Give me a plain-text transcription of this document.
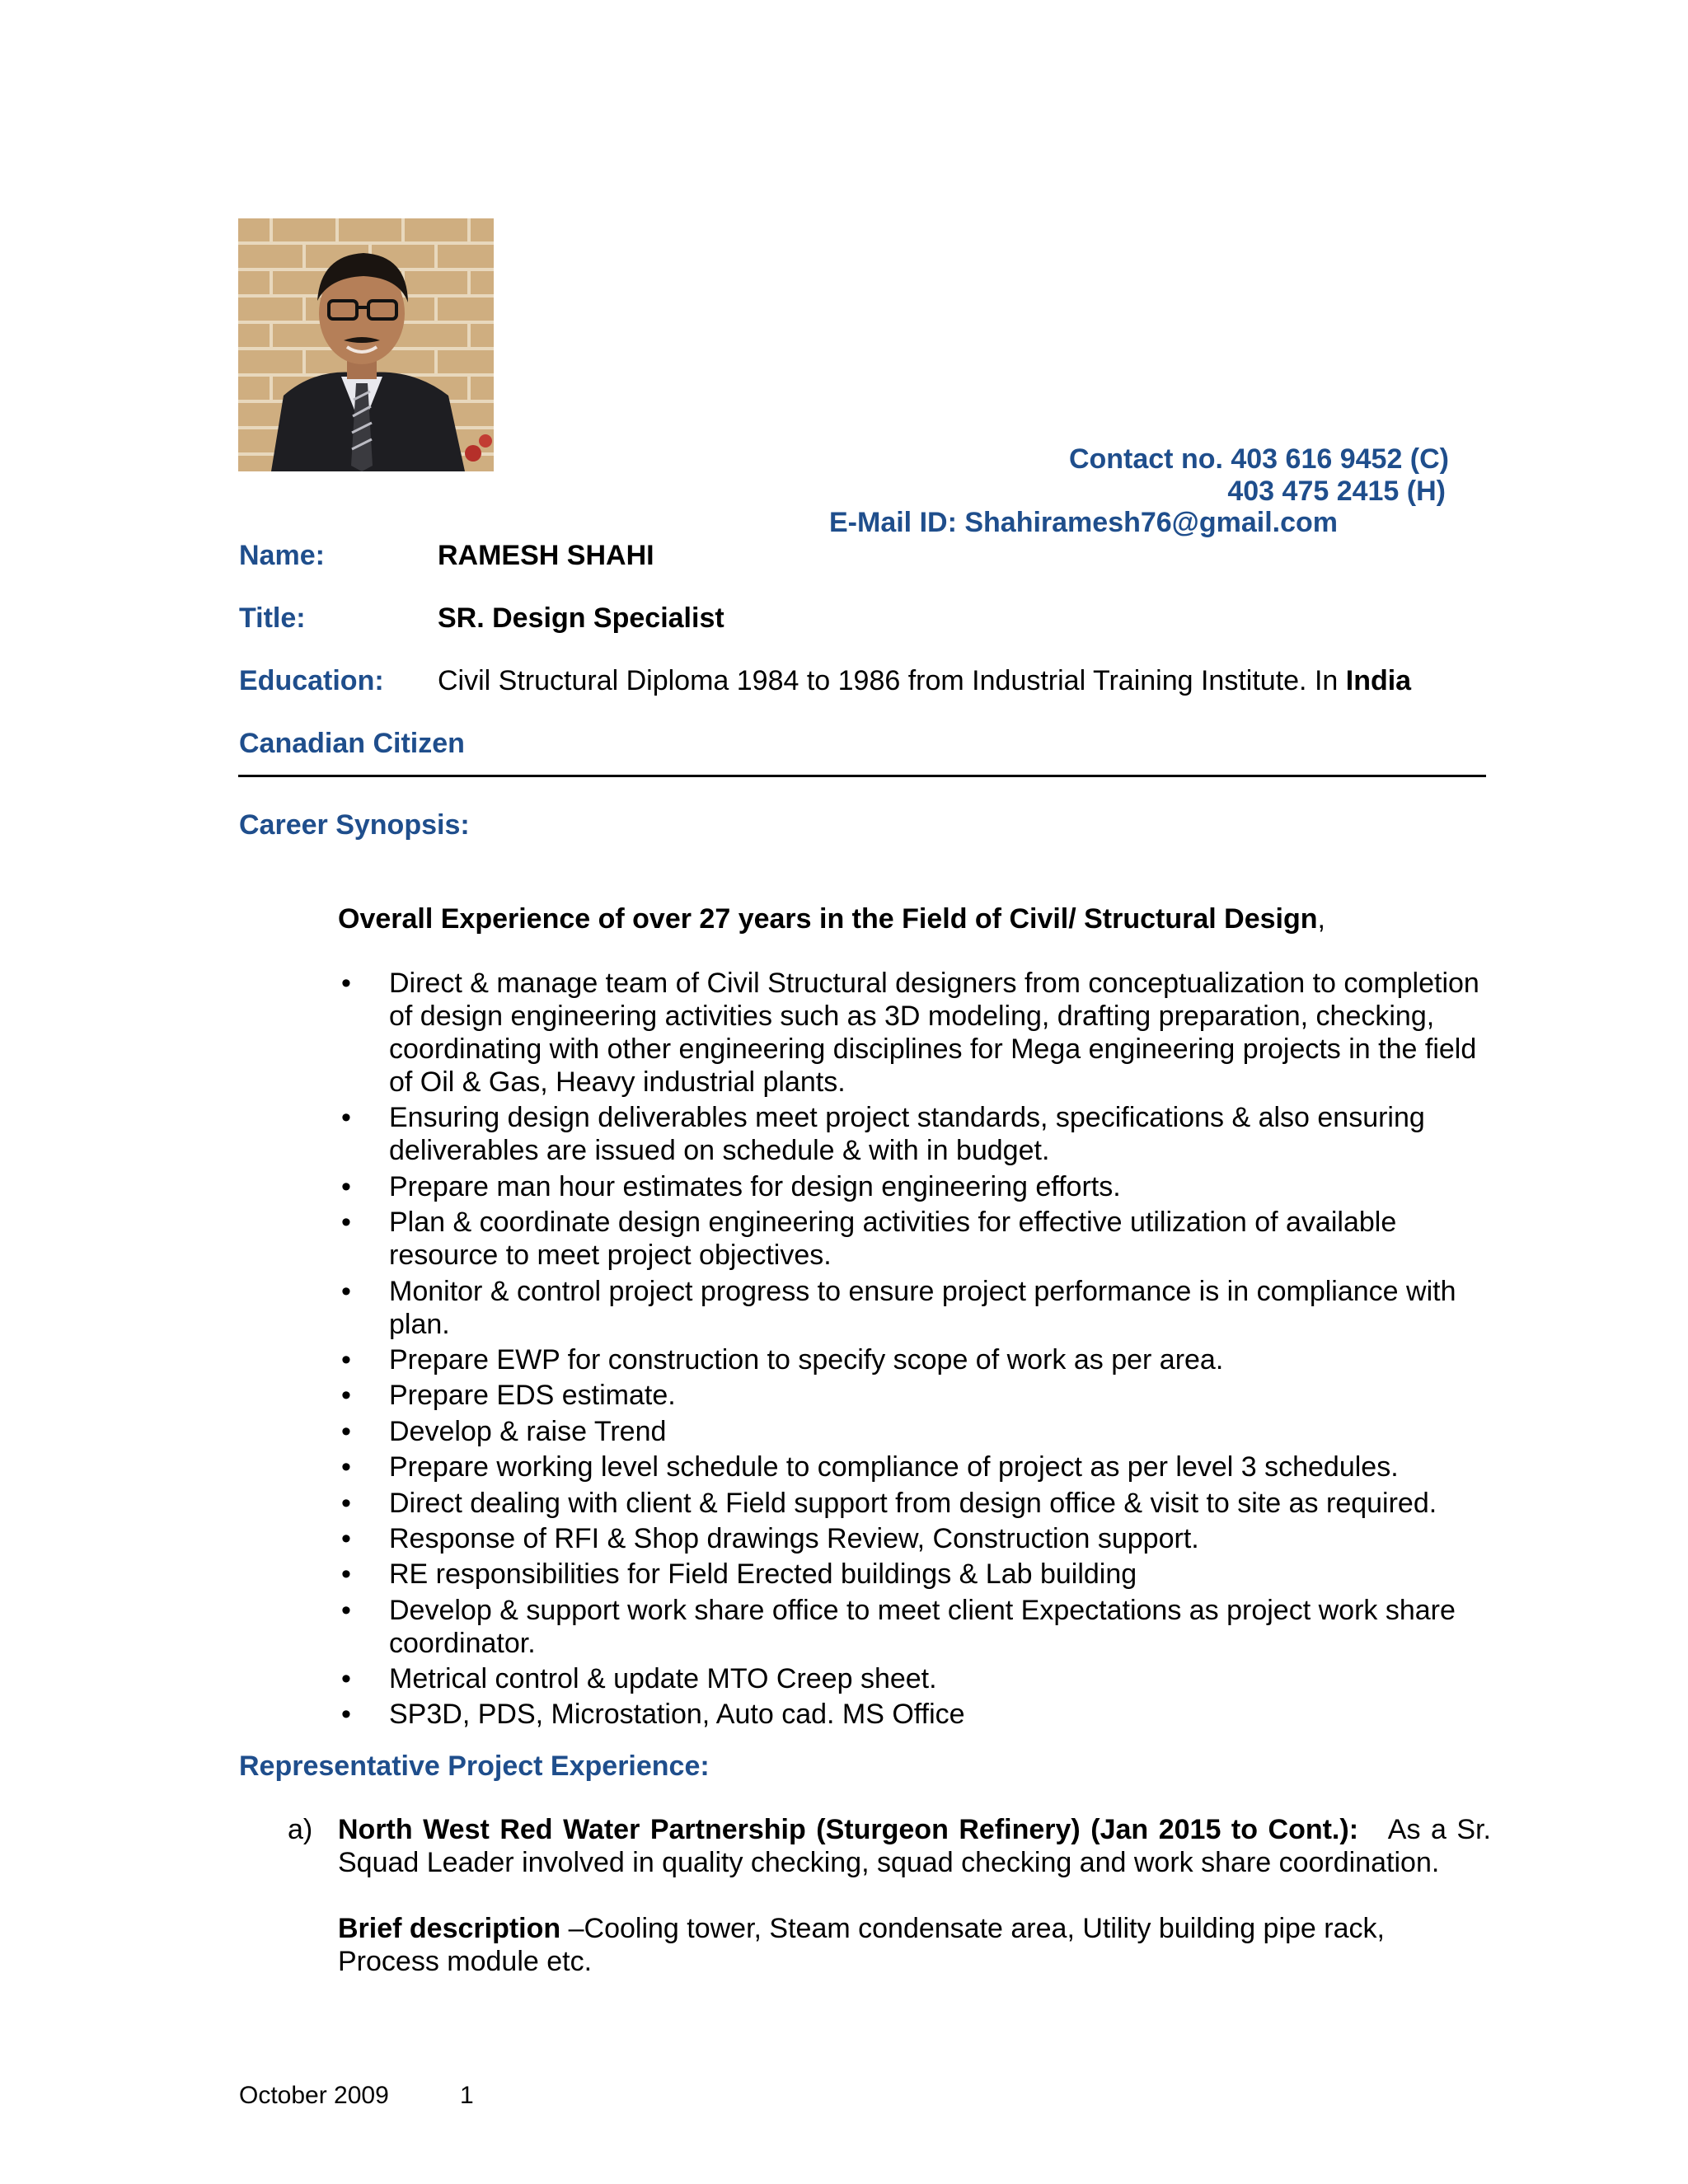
Contact no. 403 616 9452 (C)
403 475 2415 (H)
E-Mail ID: Shahiramesh76@gmail.com
Name:	RAMESH SHAHI
Title:	SR. Design Specialist
Education: Civil Structural Diploma 1984 to 1986 from Industrial Training Institute. In India
Canadian Citizen
Career Synopsis:
Overall Experience of over 27 years in the Field of Civil/ Structural Design,
• Direct & manage team of Civil Structural designers from conceptualization to completion of design engineering activities such as 3D modeling, drafting preparation, checking, coordinating with other engineering disciplines for Mega engineering projects in the field of Oil & Gas, Heavy industrial plants.
• Ensuring design deliverables meet project standards, specifications & also ensuring deliverables are issued on schedule & with in budget.
• Prepare man hour estimates for design engineering efforts.
• Plan & coordinate design engineering activities for effective utilization of available resource to meet project objectives.
• Monitor & control project progress to ensure project performance is in compliance with plan.
• Prepare EWP for construction to specify scope of work as per area.
• Prepare EDS estimate.
• Develop & raise Trend
• Prepare working level schedule to compliance of project as per level 3 schedules.
• Direct dealing with client & Field support from design office & visit to site as required.
• Response of RFI & Shop drawings Review, Construction support.
• RE responsibilities for Field Erected buildings & Lab building
• Develop & support work share office to meet client Expectations as project work share coordinator.
• Metrical control & update MTO Creep sheet.
• SP3D, PDS, Microstation, Auto cad. MS Office
Representative Project Experience:
a) North West Red Water Partnership (Sturgeon Refinery) (Jan 2015 to Cont.): As a Sr. Squad Leader involved in quality checking, squad checking and work share coordination.
Brief description –Cooling tower, Steam condensate area, Utility building pipe rack, Process module etc.
October 2009	1
